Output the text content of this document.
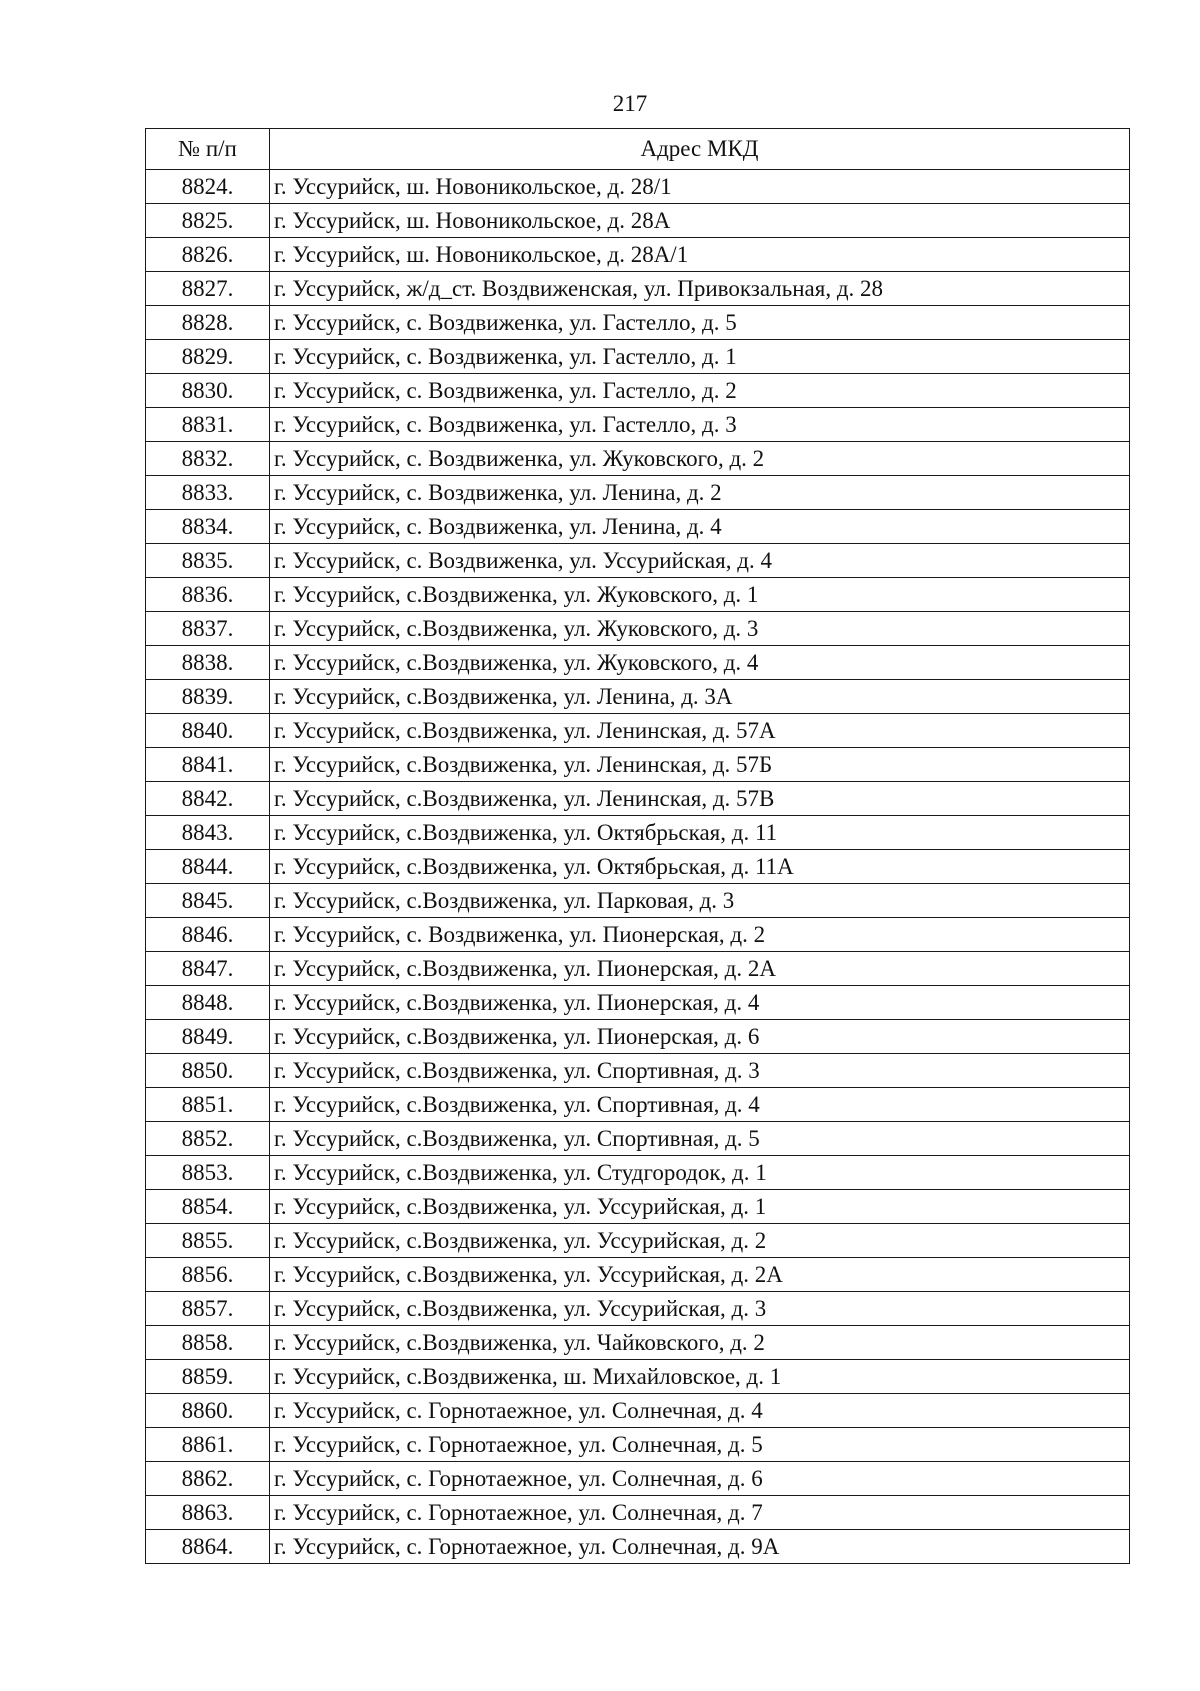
217
№ п/п	Адрес МКД
8824.	г. Уссурийск, ш. Новоникольское, д. 28/1
8825.	г. Уссурийск, ш. Новоникольское, д. 28А
8826.	г. Уссурийск, ш. Новоникольское, д. 28А/1
8827.	г. Уссурийск, ж/д_ст. Воздвиженская, ул. Привокзальная, д. 28
8828.	г. Уссурийск, с. Воздвиженка, ул. Гастелло, д. 5
8829.	г. Уссурийск, с. Воздвиженка, ул. Гастелло, д. 1
8830.	г. Уссурийск, с. Воздвиженка, ул. Гастелло, д. 2
8831.	г. Уссурийск, с. Воздвиженка, ул. Гастелло, д. 3
8832.	г. Уссурийск, с. Воздвиженка, ул. Жуковского, д. 2
8833.	г. Уссурийск, с. Воздвиженка, ул. Ленина, д. 2
8834.	г. Уссурийск, с. Воздвиженка, ул. Ленина, д. 4
8835.	г. Уссурийск, с. Воздвиженка, ул. Уссурийская, д. 4
8836.	г. Уссурийск, с.Воздвиженка, ул. Жуковского, д. 1
8837.	г. Уссурийск, с.Воздвиженка, ул. Жуковского, д. 3
8838.	г. Уссурийск, с.Воздвиженка, ул. Жуковского, д. 4
8839.	г. Уссурийск, с.Воздвиженка, ул. Ленина, д. 3А
8840.	г. Уссурийск, с.Воздвиженка, ул. Ленинская, д. 57А
8841.	г. Уссурийск, с.Воздвиженка, ул. Ленинская, д. 57Б
8842.	г. Уссурийск, с.Воздвиженка, ул. Ленинская, д. 57В
8843.	г. Уссурийск, с.Воздвиженка, ул. Октябрьская, д. 11
8844.	г. Уссурийск, с.Воздвиженка, ул. Октябрьская, д. 11А
8845.	г. Уссурийск, с.Воздвиженка, ул. Парковая, д. 3
8846.	г. Уссурийск, с. Воздвиженка, ул. Пионерская, д. 2
8847.	г. Уссурийск, с.Воздвиженка, ул. Пионерская, д. 2А
8848.	г. Уссурийск, с.Воздвиженка, ул. Пионерская, д. 4
8849.	г. Уссурийск, с.Воздвиженка, ул. Пионерская, д. 6
8850.	г. Уссурийск, с.Воздвиженка, ул. Спортивная, д. 3
8851.	г. Уссурийск, с.Воздвиженка, ул. Спортивная, д. 4
8852.	г. Уссурийск, с.Воздвиженка, ул. Спортивная, д. 5
8853.	г. Уссурийск, с.Воздвиженка, ул. Студгородок, д. 1
8854.	г. Уссурийск, с.Воздвиженка, ул. Уссурийская, д. 1
8855.	г. Уссурийск, с.Воздвиженка, ул. Уссурийская, д. 2
8856.	г. Уссурийск, с.Воздвиженка, ул. Уссурийская, д. 2А
8857.	г. Уссурийск, с.Воздвиженка, ул. Уссурийская, д. 3
8858.	г. Уссурийск, с.Воздвиженка, ул. Чайковского, д. 2
8859.	г. Уссурийск, с.Воздвиженка, ш. Михайловское, д. 1
8860.	г. Уссурийск, с. Горнотаежное, ул. Солнечная, д. 4
8861.	г. Уссурийск, с. Горнотаежное, ул. Солнечная, д. 5
8862.	г. Уссурийск, с. Горнотаежное, ул. Солнечная, д. 6
8863.	г. Уссурийск, с. Горнотаежное, ул. Солнечная, д. 7
8864.	г. Уссурийск, с. Горнотаежное, ул. Солнечная, д. 9А
